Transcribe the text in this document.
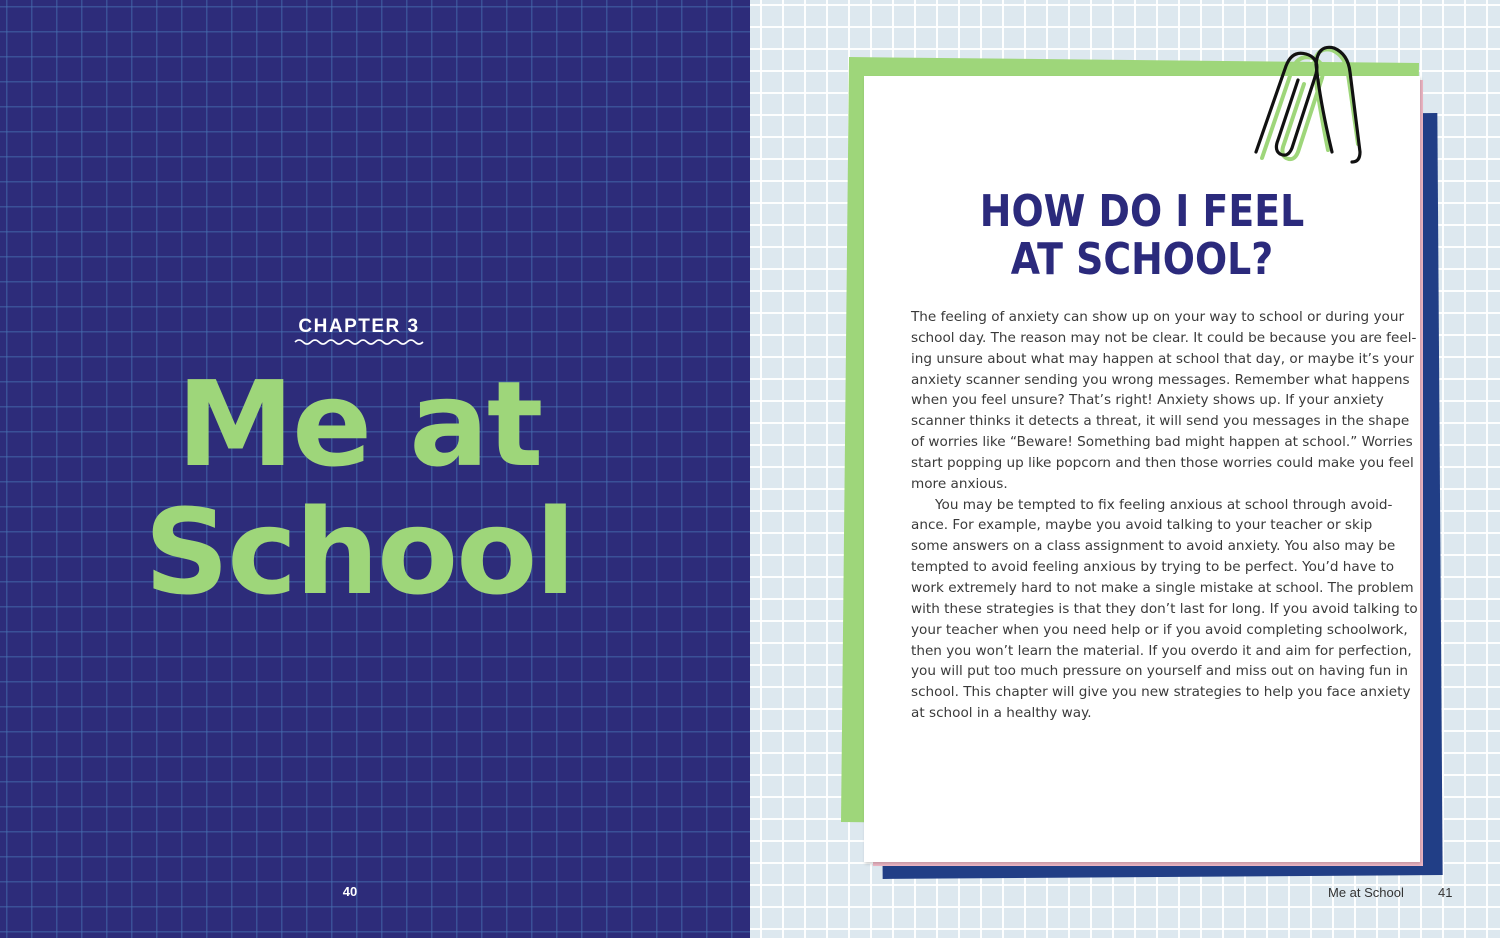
CHAPTER 3
Me at
School
40
HOW DO I FEEL
AT SCHOOL?
The feeling of anxiety can show up on your way to school or during your
school day. The reason may not be clear. It could be because you are feel-
ing unsure about what may happen at school that day, or maybe it’s your
anxiety scanner sending you wrong messages. Remember what happens
when you feel unsure? That’s right! Anxiety shows up. If your anxiety
scanner thinks it detects a threat, it will send you messages in the shape
of worries like “Beware! Something bad might happen at school.” Worries
start popping up like popcorn and then those worries could make you feel
more anxious.
You may be tempted to fix feeling anxious at school through avoid-
ance. For example, maybe you avoid talking to your teacher or skip
some answers on a class assignment to avoid anxiety. You also may be
tempted to avoid feeling anxious by trying to be perfect. You’d have to
work extremely hard to not make a single mistake at school. The problem
with these strategies is that they don’t last for long. If you avoid talking to
your teacher when you need help or if you avoid completing schoolwork,
then you won’t learn the material. If you overdo it and aim for perfection,
you will put too much pressure on yourself and miss out on having fun in
school. This chapter will give you new strategies to help you face anxiety
at school in a healthy way.
Me at School	41
